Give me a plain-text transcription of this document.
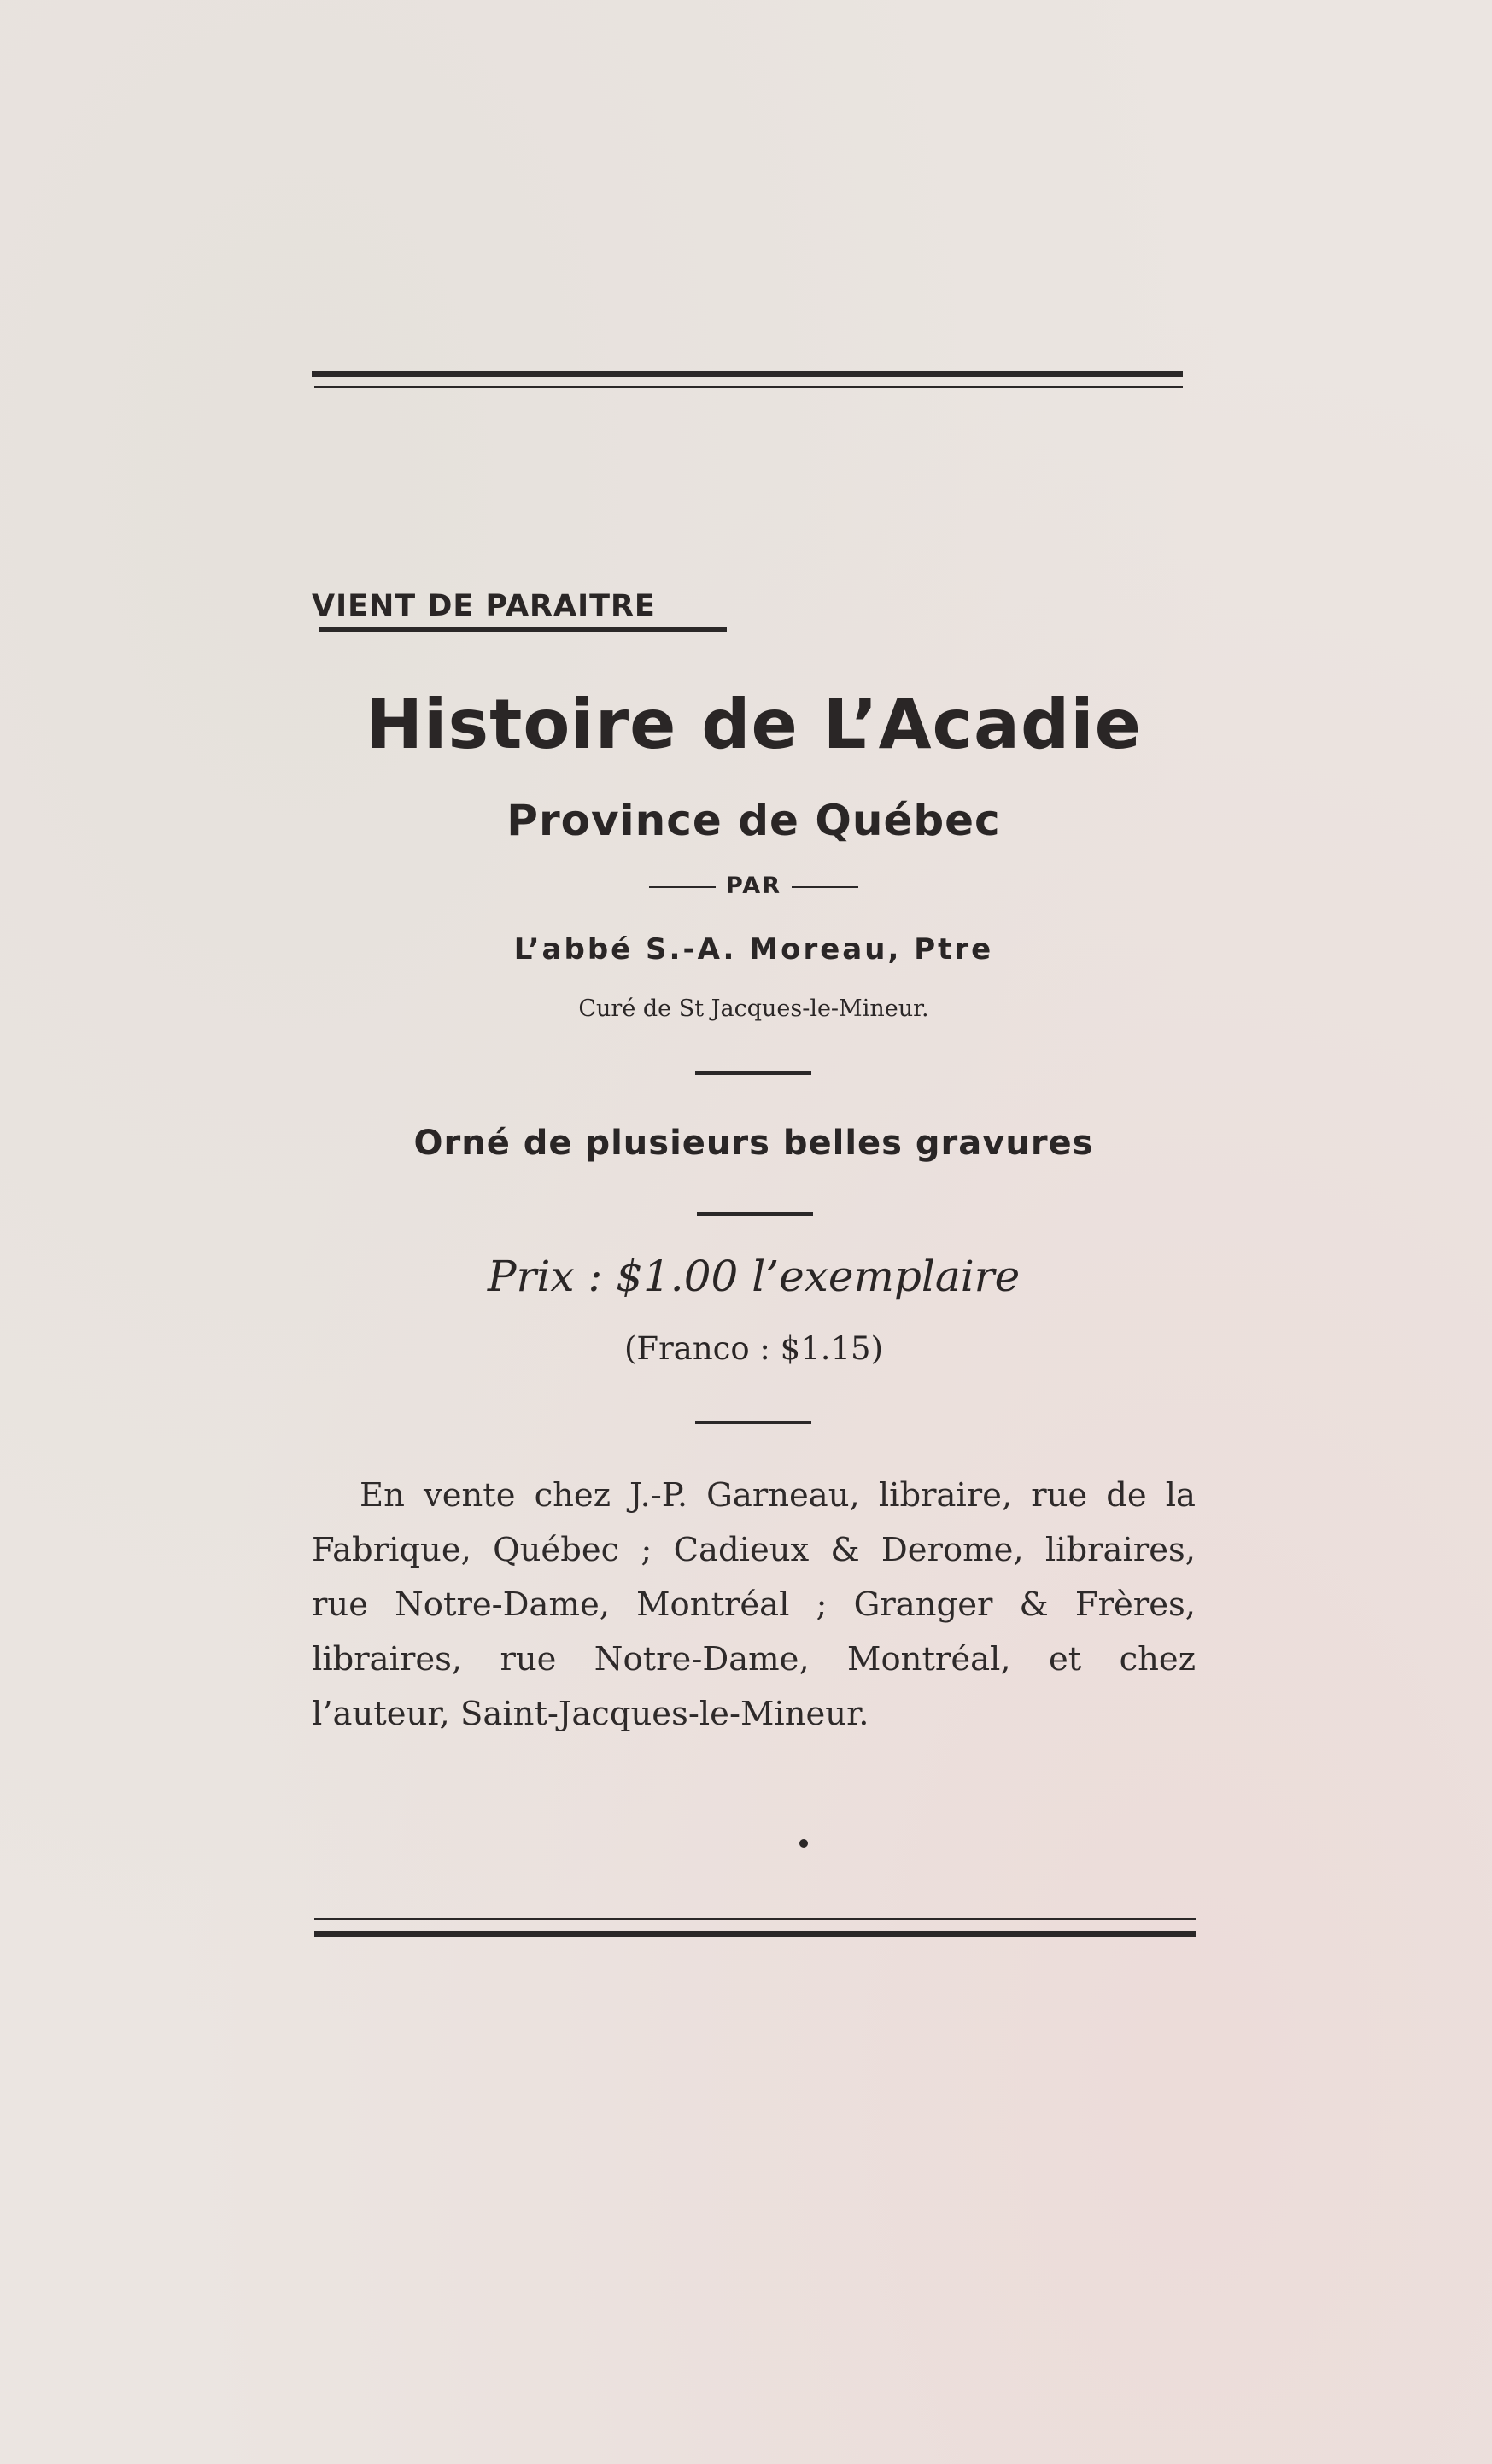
VIENT DE PARAITRE
Histoire de L’Acadie
Province de Québec
PAR
L’abbé S.-A. Moreau, Ptre
Curé de St Jacques-le-Mineur.
Orné de plusieurs belles gravures
Prix : $1.00 l’exemplaire
(Franco : $1.15)
En vente chez J.-P. Garneau, libraire, rue de la Fabrique, Québec ; Cadieux & Derome, libraires, rue Notre-Dame, Montréal ; Granger & Frères, libraires, rue Notre-Dame, Montréal, et chez l’auteur, Saint-Jacques-le-Mineur.
